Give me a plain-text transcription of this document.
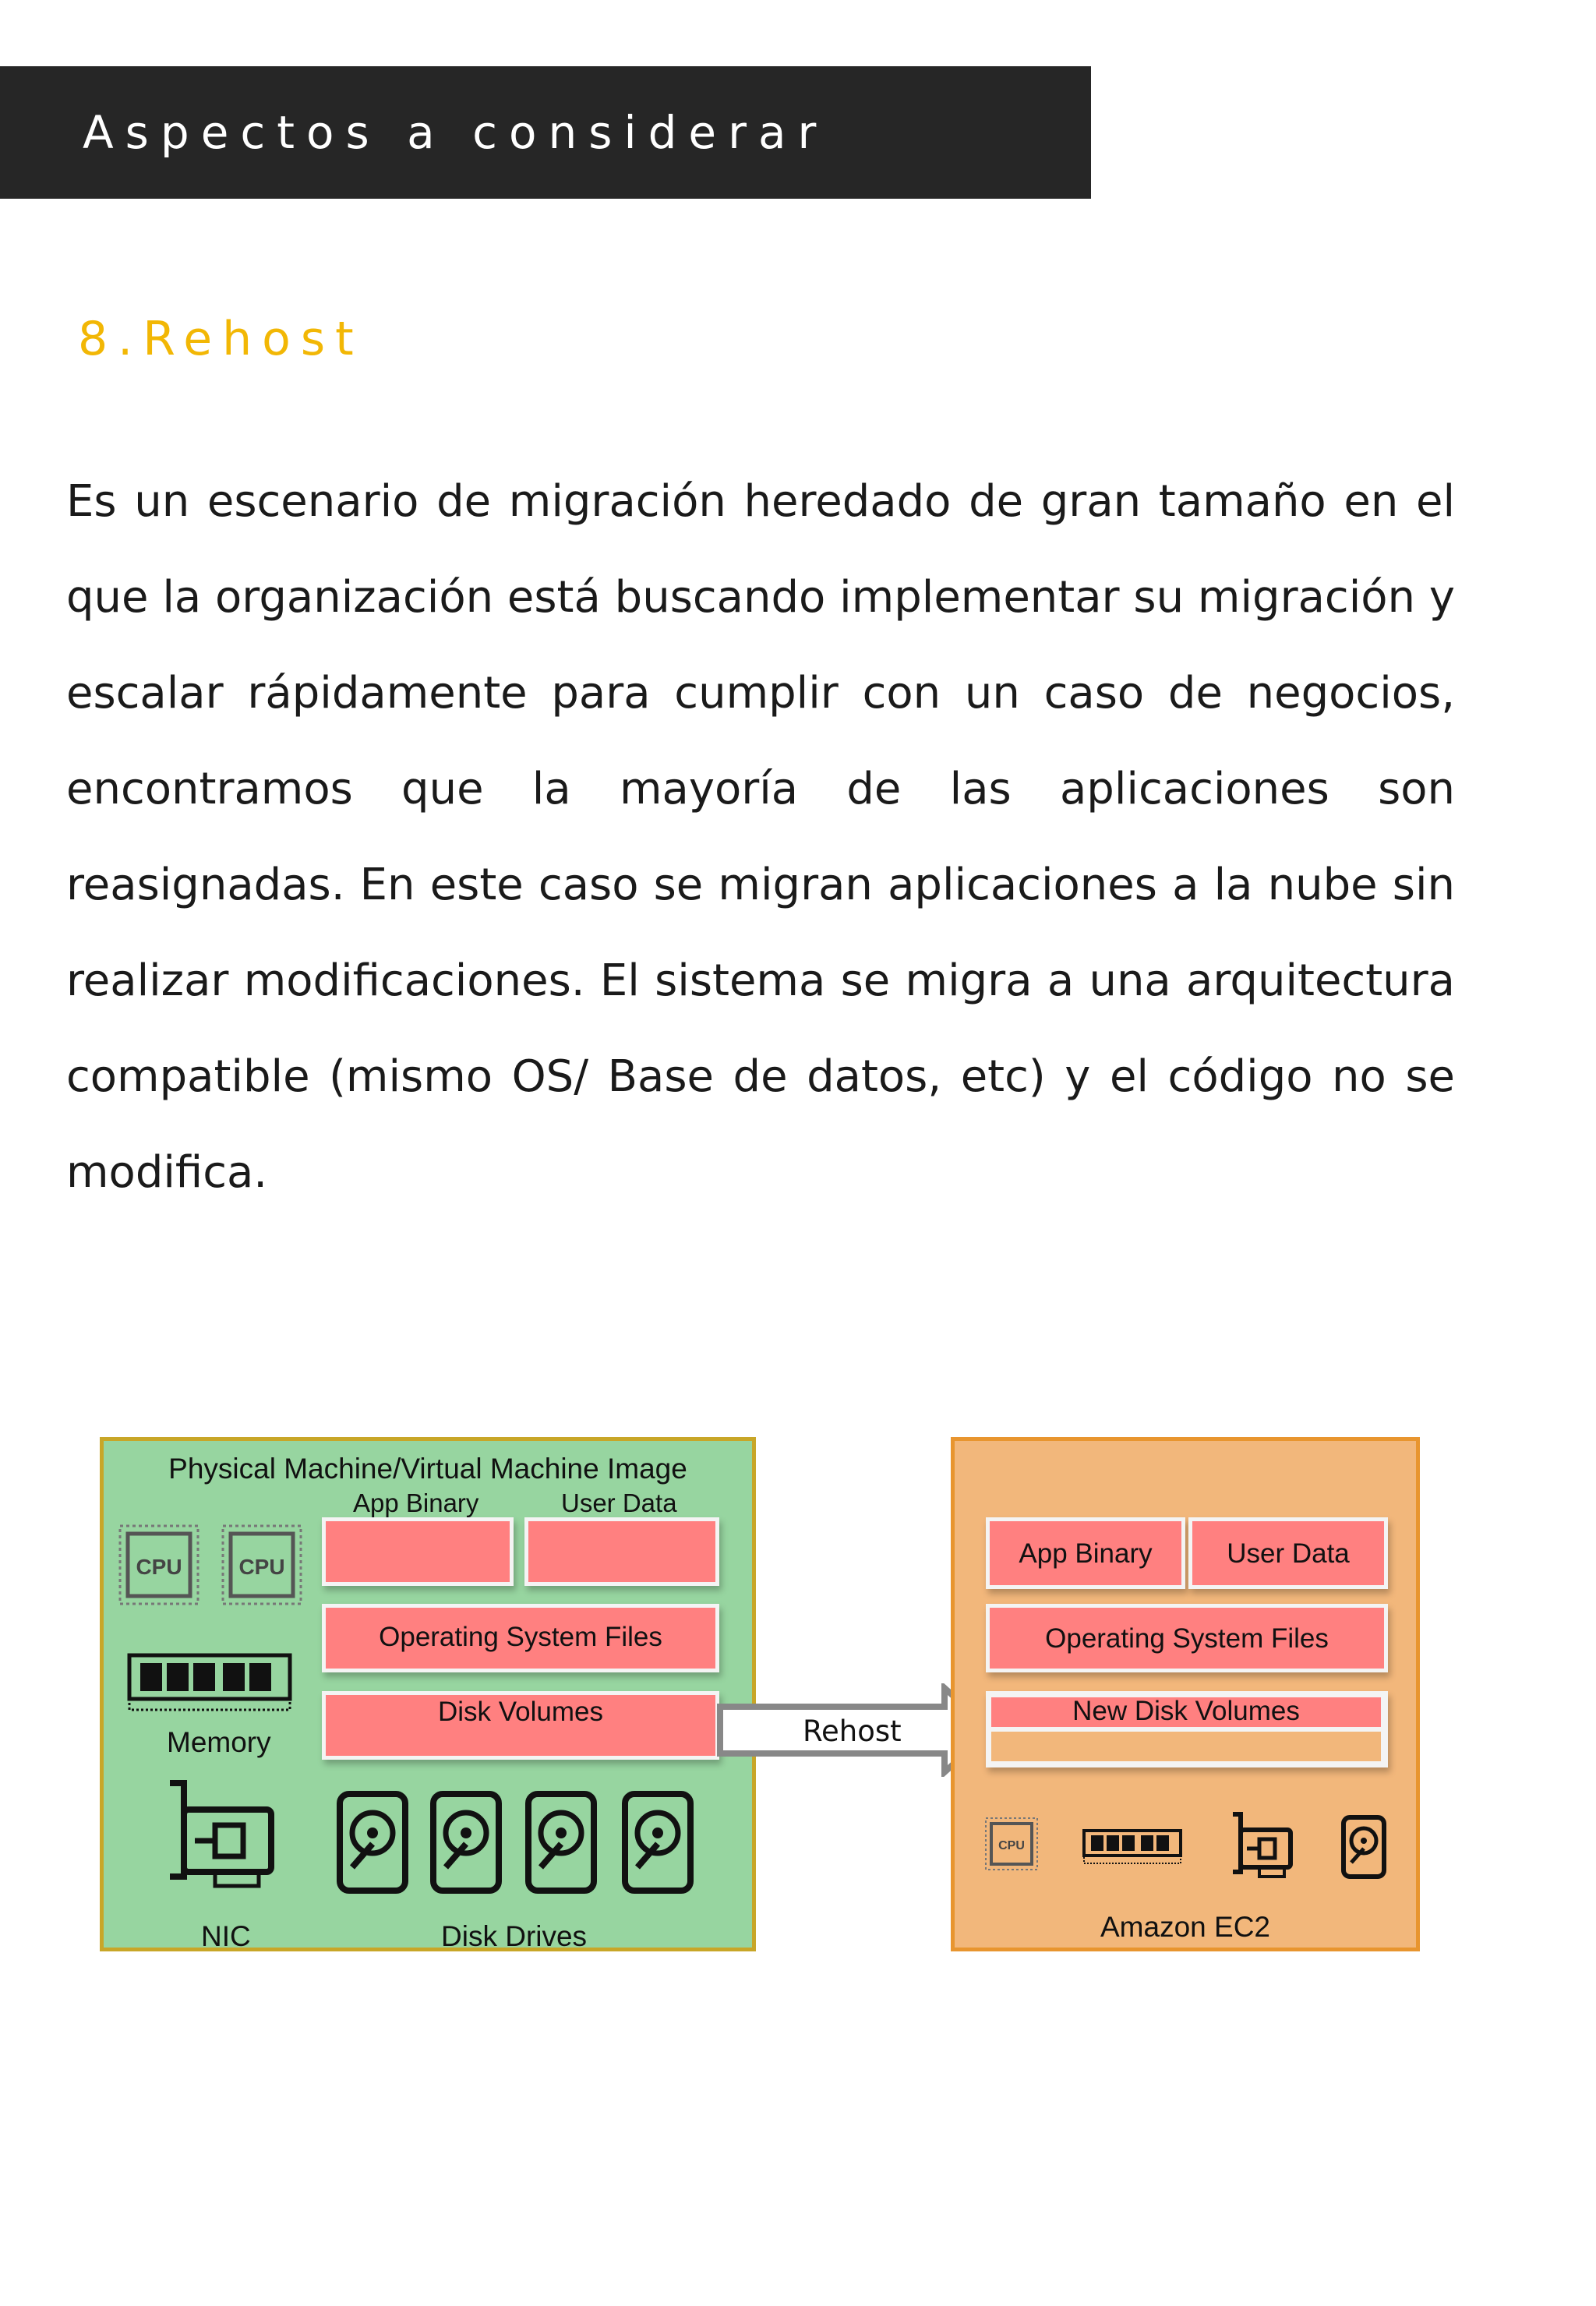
Aspectos a considerar
8.Rehost

Es un escenario de migración heredado de gran tamaño en el que la organización está buscando implementar su migración y escalar rápidamente para cumplir con un caso de negocios, encontramos que la mayoría de las aplicaciones son reasignadas. En este caso se migran aplicaciones a la nube sin realizar modificaciones. El sistema se migra a una arquitectura compatible (mismo OS/ Base de datos, etc) y el código no se modifica.

Physical Machine/Virtual Machine Image
App Binary	User Data
Operating System Files
Disk Volumes
CPU	CPU
Memory
NIC	Disk Drives
Rehost
App Binary	User Data
Operating System Files
New Disk Volumes
CPU
Amazon EC2
